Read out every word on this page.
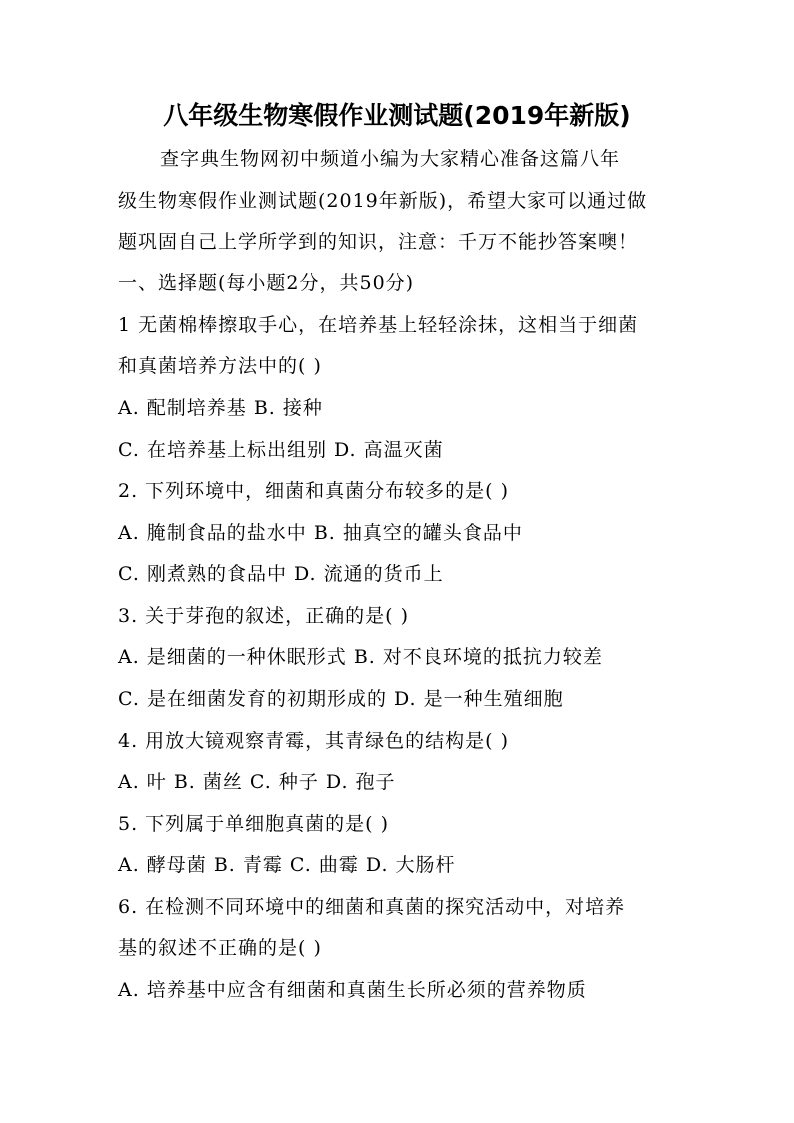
八年级生物寒假作业测试题(2019年新版)
查字典生物网初中频道小编为大家精心准备这篇八年
级生物寒假作业测试题(2019年新版)，希望大家可以通过做
题巩固自己上学所学到的知识，注意：千万不能抄答案噢！
一、选择题(每小题2分，共50分)
1 无菌棉棒擦取手心，在培养基上轻轻涂抹，这相当于细菌
和真菌培养方法中的( )
A. 配制培养基 B. 接种
C. 在培养基上标出组别 D. 高温灭菌
2. 下列环境中，细菌和真菌分布较多的是( )
A. 腌制食品的盐水中 B. 抽真空的罐头食品中
C. 刚煮熟的食品中 D. 流通的货币上
3. 关于芽孢的叙述，正确的是( )
A. 是细菌的一种休眠形式 B. 对不良环境的抵抗力较差
C. 是在细菌发育的初期形成的 D. 是一种生殖细胞
4. 用放大镜观察青霉，其青绿色的结构是( )
A. 叶 B. 菌丝 C. 种子 D. 孢子
5. 下列属于单细胞真菌的是( )
A. 酵母菌 B. 青霉 C. 曲霉 D. 大肠杆
6. 在检测不同环境中的细菌和真菌的探究活动中，对培养
基的叙述不正确的是( )
A. 培养基中应含有细菌和真菌生长所必须的营养物质
